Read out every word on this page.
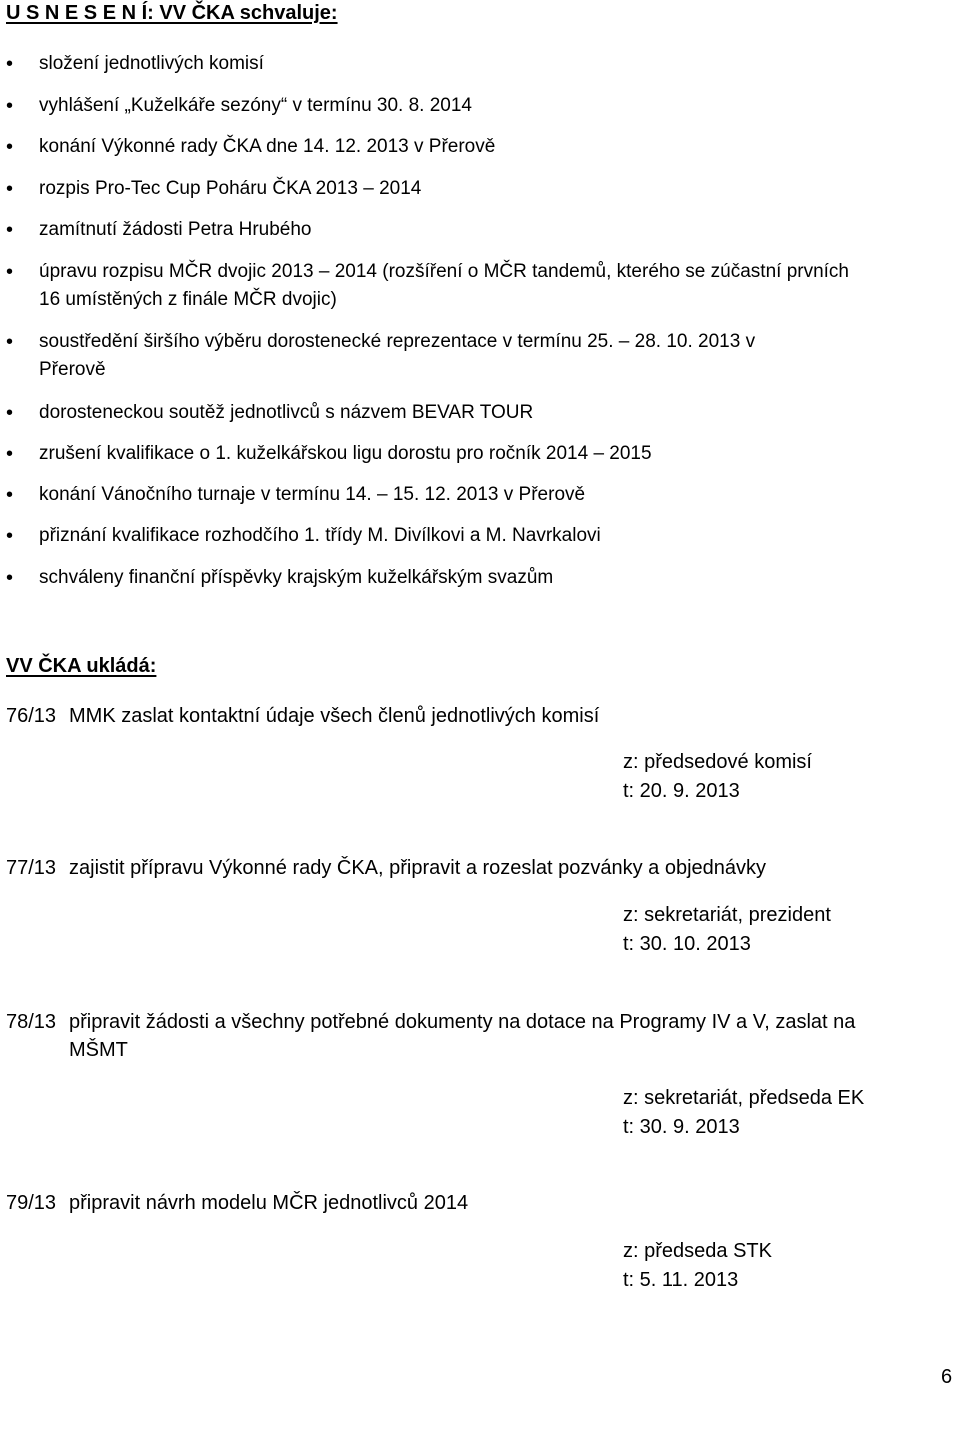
U S N E S E N Í: VV ČKA schvaluje:
• složení jednotlivých komisí
• vyhlášení „Kuželkáře sezóny“ v termínu 30. 8. 2014
• konání Výkonné rady ČKA dne 14. 12. 2013 v Přerově
• rozpis Pro-Tec Cup Poháru ČKA 2013 – 2014
• zamítnutí žádosti Petra Hrubého
• úpravu rozpisu MČR dvojic 2013 – 2014 (rozšíření o MČR tandemů, kterého se zúčastní prvních 16 umístěných z finále MČR dvojic)
• soustředění širšího výběru dorostenecké reprezentace v termínu 25. – 28. 10. 2013 v Přerově
• dorosteneckou soutěž jednotlivců s názvem BEVAR TOUR
• zrušení kvalifikace o 1. kuželkářskou ligu dorostu pro ročník 2014 – 2015
• konání Vánočního turnaje v termínu 14. – 15. 12. 2013 v Přerově
• přiznání kvalifikace rozhodčího 1. třídy M. Divílkovi a M. Navrkalovi
• schváleny finanční příspěvky krajským kuželkářským svazům
VV ČKA ukládá:
76/13 MMK zaslat kontaktní údaje všech členů jednotlivých komisí
z: předsedové komisí
t: 20. 9. 2013
77/13 zajistit přípravu Výkonné rady ČKA, připravit a rozeslat pozvánky a objednávky
z: sekretariát, prezident
t: 30. 10. 2013
78/13 připravit žádosti a všechny potřebné dokumenty na dotace na Programy IV a V, zaslat na MŠMT
z: sekretariát, předseda EK
t: 30. 9. 2013
79/13 připravit návrh modelu MČR jednotlivců 2014
z: předseda STK
t: 5. 11. 2013
6
